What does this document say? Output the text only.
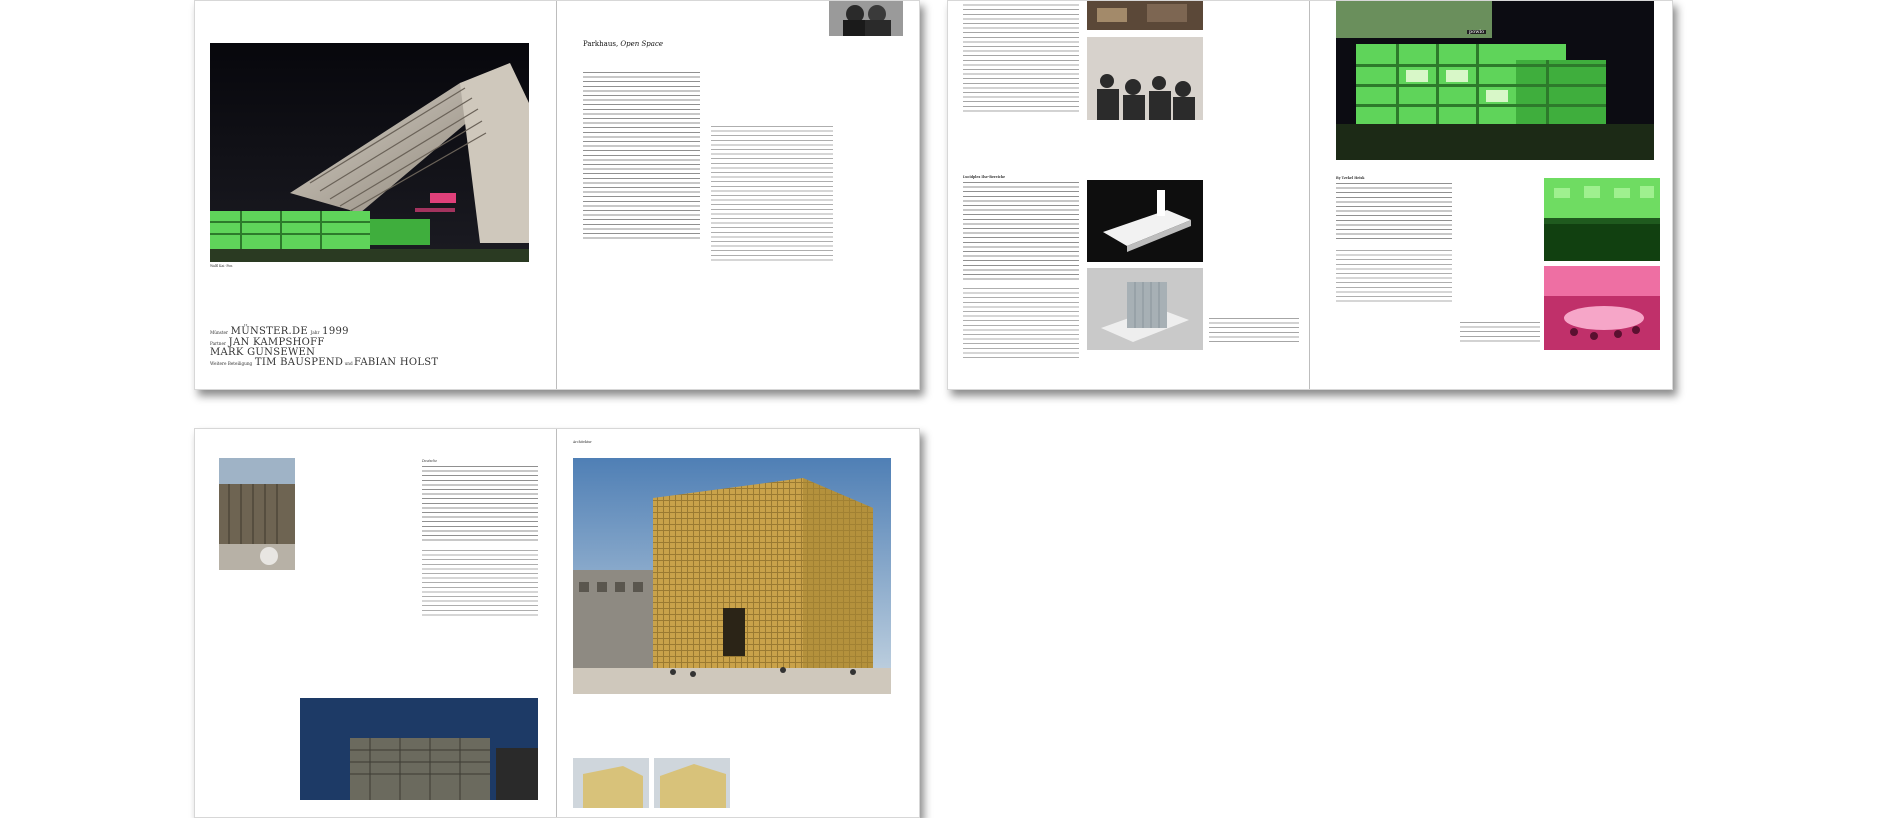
Walfl Kai ·Fon
Münster MÜNSTER.DE Jahr 1999
Partner JAN KAMPSHOFF
MARK GUNSEWEN
Weitere Beteiligung TIM BAUSPEND und FABIAN HOLST
Parkhaus, Open Space
Lucidplex Ilse-Bereiche
powlo
By Tzvkel Heisk
Deutsche
Architektur
